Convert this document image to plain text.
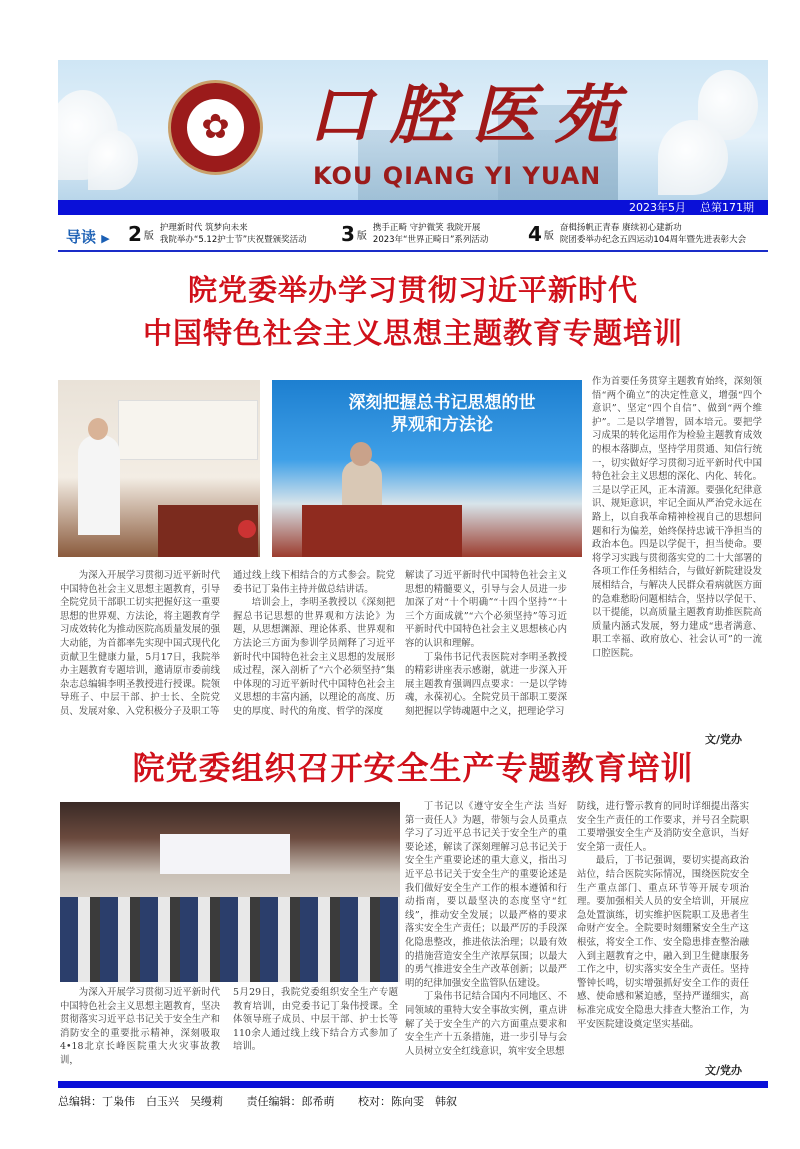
✿ 口腔医苑
KOU QIANG YI YUAN
2023年5月 总第171期
导读 ▶ 2 版
护理新时代 筑梦向未来
我院举办“5.12护士节”庆祝暨颁奖活动 3 版
携手正畸 守护微笑 我院开展
2023年“世界正畸日”系列活动 4 版
奋楫扬帆正青春 赓续初心建新功
院团委举办纪念五四运动104周年暨先进表彰大会
院党委举办学习贯彻习近平新时代
中国特色社会主义思想主题教育专题培训
深刻把握总书记思想的世界观和方法论

作为首要任务贯穿主题教育始终，深刻领悟“两个确立”的决定性意义，增强“四个意识”、坚定“四个自信”、做到“两个维护”。二是以学增智，固本培元。要把学习成果的转化运用作为检验主题教育成效的根本落脚点，坚持学用贯通、知信行统一，切实做好学习贯彻习近平新时代中国特色社会主义思想的深化、内化、转化。三是以学正风，正本清源。要强化纪律意识、规矩意识，牢记全面从严治党永远在路上，以自我革命精神检视自己的思想问题和行为偏差，始终保持忠诚干净担当的政治本色。四是以学促干，担当使命。要将学习实践与贯彻落实党的二十大部署的各项工作任务相结合，与做好新院建设发展相结合，与解决人民群众看病就医方面的急难愁盼问题相结合，坚持以学促干、以干提能，以高质量主题教育助推医院高质量内涵式发展，努力建成“患者满意、职工幸福、政府放心、社会认可”的一流口腔医院。

为深入开展学习贯彻习近平新时代中国特色社会主义思想主题教育，引导全院党员干部职工切实把握好这一重要思想的世界观、方法论，将主题教育学习成效转化为推动医院高质量发展的强大动能，为首都率先实现中国式现代化贡献卫生健康力量，5月17日，我院举办主题教育专题培训，邀请原市委前线杂志总编辑李明圣教授进行授课。院领导班子、中层干部、护士长、全院党员、发展对象、入党积极分子及职工等

通过线上线下相结合的方式参会。院党委书记丁枭伟主持并做总结讲话。

培训会上，李明圣教授以《深刻把握总书记思想的世界观和方法论》为题，从思想渊源、理论体系、世界观和方法论三方面为参训学员阐释了习近平新时代中国特色社会主义思想的发展形成过程，深入剖析了“六个必须坚持”集中体现的习近平新时代中国特色社会主义思想的丰富内涵，以理论的高度、历史的厚度、时代的角度、哲学的深度

解读了习近平新时代中国特色社会主义思想的精髓要义，引导与会人员进一步加深了对“十个明确”“十四个坚持”“十三个方面成就”“六个必须坚持”等习近平新时代中国特色社会主义思想核心内容的认识和理解。

丁枭伟书记代表医院对李明圣教授的精彩讲座表示感谢，就进一步深入开展主题教育强调四点要求：一是以学铸魂，永葆初心。全院党员干部职工要深刻把握以学铸魂题中之义，把理论学习

文/党办
院党委组织召开安全生产专题教育培训

为深入开展学习贯彻习近平新时代中国特色社会主义思想主题教育，坚决贯彻落实习近平总书记关于安全生产和消防安全的重要批示精神，深刻吸取4•18北京长峰医院重大火灾事故教训，

5月29日，我院党委组织安全生产专题教育培训，由党委书记丁枭伟授课。全体领导班子成员、中层干部、护士长等110余人通过线上线下结合方式参加了培训。

丁书记以《遵守安全生产法 当好第一责任人》为题，带领与会人员重点学习了习近平总书记关于安全生产的重要论述，解读了深刻理解习总书记关于安全生产重要论述的重大意义，指出习近平总书记关于安全生产的重要论述是我们做好安全生产工作的根本遵循和行动指南，要以最坚决的态度坚守“红线”，推动安全发展；以最严格的要求落实安全生产责任；以最严厉的手段深化隐患整改，推进依法治理；以最有效的措施营造安全生产浓厚氛围；以最大的勇气推进安全生产改革创新；以最严明的纪律加强安全监管队伍建设。

丁枭伟书记结合国内不同地区、不同领域的重特大安全事故实例，重点讲解了关于安全生产的六方面重点要求和安全生产十五条措施，进一步引导与会人员树立安全红线意识，筑牢安全思想

防线，进行警示教育的同时详细提出落实安全生产责任的工作要求，并号召全院职工要增强安全生产及消防安全意识，当好安全第一责任人。

最后，丁书记强调，要切实提高政治站位，结合医院实际情况，围绕医院安全生产重点部门、重点环节等开展专项治理。要加强相关人员的安全培训，开展应急处置演练，切实维护医院职工及患者生命财产安全。全院要时刻绷紧安全生产这根弦，将安全工作、安全隐患排查整治融入到主题教育之中，融入到卫生健康服务工作之中，切实落实安全生产责任。坚持警钟长鸣，切实增强抓好安全工作的责任感、使命感和紧迫感，坚持严谨细实，高标准完成安全隐患大排查大整治工作，为平安医院建设奠定坚实基础。

文/党办
总编辑：丁枭伟　白玉兴　吴缦莉 责任编辑：郎希萌 校对：陈向雯　韩叙
